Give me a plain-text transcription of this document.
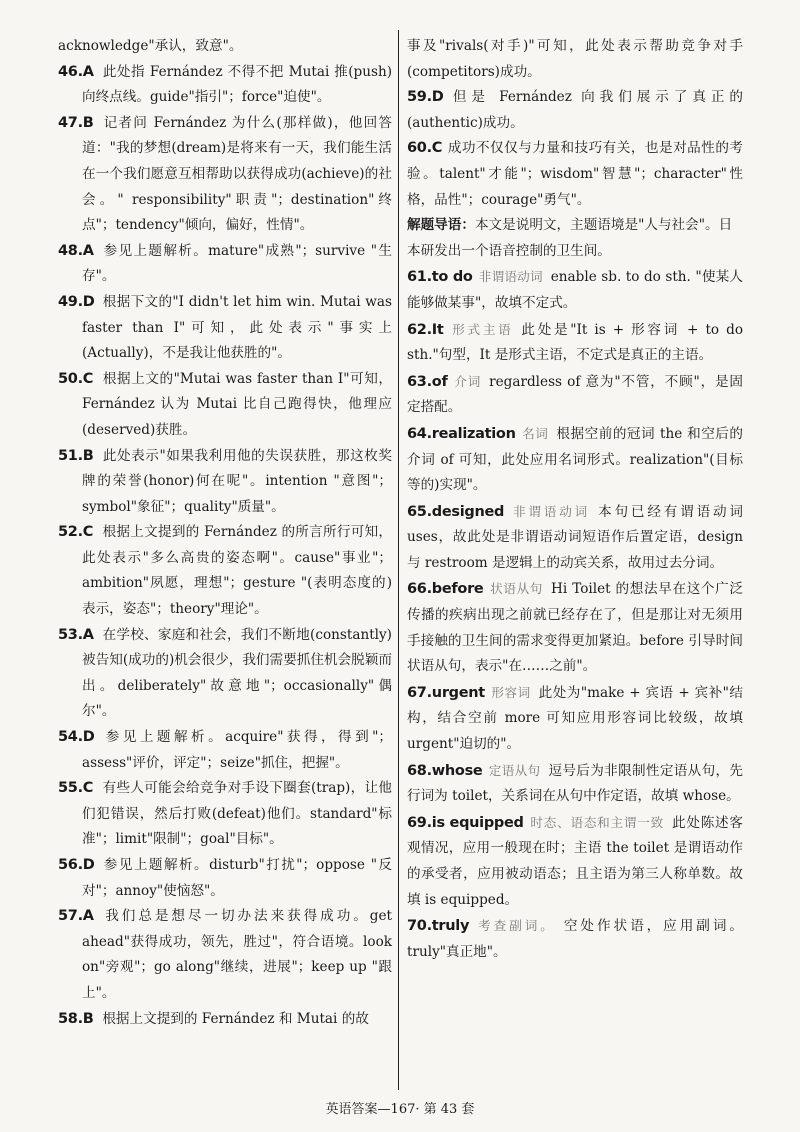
acknowledge"承认，致意"。

46.A 此处指 Fernández 不得不把 Mutai 推(push)向终点线。guide"指引"；force"迫使"。

47.B 记者问 Fernández 为什么(那样做)，他回答道："我的梦想(dream)是将来有一天，我们能生活在一个我们愿意互相帮助以获得成功(achieve)的社会。" responsibility"职责"；destination"终点"；tendency"倾向，偏好，性情"。

48.A 参见上题解析。mature"成熟"；survive "生存"。

49.D 根据下文的"I didn't let him win. Mutai was faster than I"可知，此处表示"事实上(Actually)，不是我让他获胜的"。

50.C 根据上文的"Mutai was faster than I"可知，Fernández 认为 Mutai 比自己跑得快，他理应(deserved)获胜。

51.B 此处表示"如果我利用他的失误获胜，那这枚奖牌的荣誉(honor)何在呢"。intention "意图"；symbol"象征"；quality"质量"。

52.C 根据上文提到的 Fernández 的所言所行可知，此处表示"多么高贵的姿态啊"。cause"事业"；ambition"夙愿，理想"；gesture "(表明态度的)表示，姿态"；theory"理论"。

53.A 在学校、家庭和社会，我们不断地(constantly)被告知(成功的)机会很少，我们需要抓住机会脱颖而出。deliberately"故意地"；occasionally"偶尔"。

54.D 参见上题解析。acquire"获得，得到"；assess"评价，评定"；seize"抓住，把握"。

55.C 有些人可能会给竞争对手设下圈套(trap)，让他们犯错误，然后打败(defeat)他们。standard"标准"；limit"限制"；goal"目标"。

56.D 参见上题解析。disturb"打扰"；oppose "反对"；annoy"使恼怒"。

57.A 我们总是想尽一切办法来获得成功。get ahead"获得成功，领先，胜过"，符合语境。look on"旁观"；go along"继续，进展"；keep up "跟上"。

58.B 根据上文提到的 Fernández 和 Mutai 的故

事及"rivals(对手)"可知，此处表示帮助竞争对手(competitors)成功。

59.D 但是 Fernández 向我们展示了真正的(authentic)成功。

60.C 成功不仅仅与力量和技巧有关，也是对品性的考验。talent"才能"；wisdom"智慧"；character"性格，品性"；courage"勇气"。

解题导语：本文是说明文，主题语境是"人与社会"。日本研发出一个语音控制的卫生间。

61.to do 非谓语动词 enable sb. to do sth. "使某人能够做某事"，故填不定式。

62.It 形式主语 此处是"It is + 形容词 + to do sth."句型，It 是形式主语，不定式是真正的主语。

63.of 介词 regardless of 意为"不管，不顾"，是固定搭配。

64.realization 名词 根据空前的冠词 the 和空后的介词 of 可知，此处应用名词形式。realization"(目标等的)实现"。

65.designed 非谓语动词 本句已经有谓语动词 uses，故此处是非谓语动词短语作后置定语，design 与 restroom 是逻辑上的动宾关系，故用过去分词。

66.before 状语从句 Hi Toilet 的想法早在这个广泛传播的疾病出现之前就已经存在了，但是那让对无须用手接触的卫生间的需求变得更加紧迫。before 引导时间状语从句，表示"在……之前"。

67.urgent 形容词 此处为"make + 宾语 + 宾补"结构，结合空前 more 可知应用形容词比较级，故填 urgent"迫切的"。

68.whose 定语从句 逗号后为非限制性定语从句，先行词为 toilet，关系词在从句中作定语，故填 whose。

69.is equipped 时态、语态和主谓一致 此处陈述客观情况，应用一般现在时；主语 the toilet 是谓语动作的承受者，应用被动语态；且主语为第三人称单数。故填 is equipped。

70.truly 考查副词。 空处作状语，应用副词。truly"真正地"。

英语答案—167· 第 43 套
